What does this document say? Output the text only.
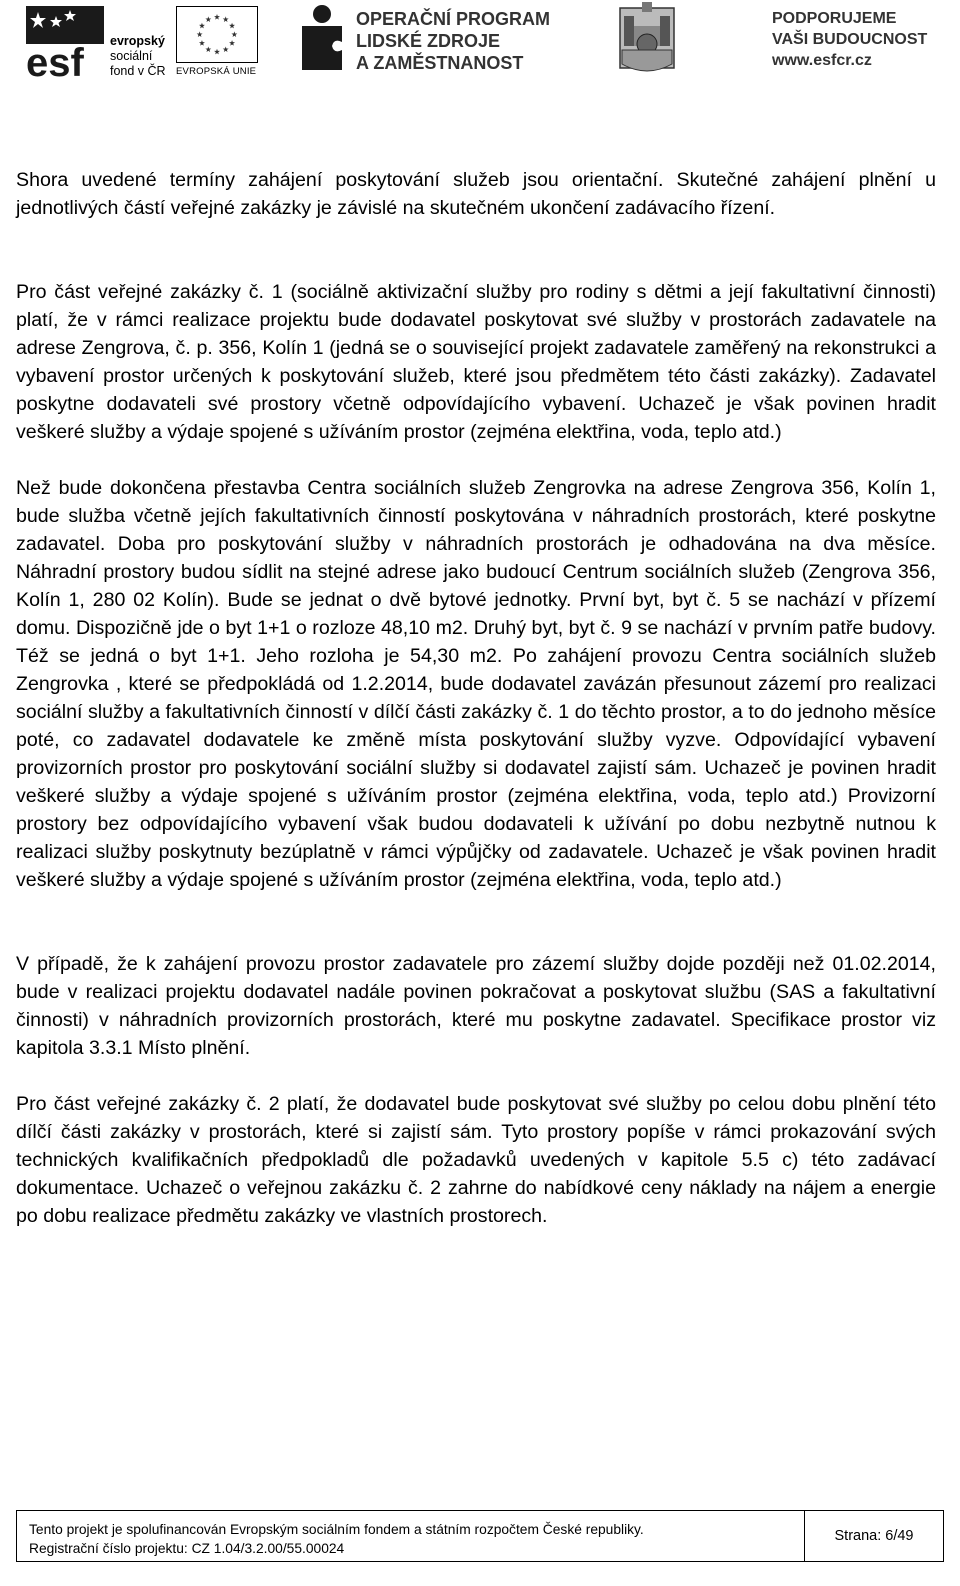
esf evropský
sociální
fond v ČR EVROPSKÁ UNIE
OPERAČNÍ PROGRAM
LIDSKÉ ZDROJE
A ZAMĚSTNANOST
PODPORUJEME
VAŠI BUDOUCNOST
www.esfcr.cz

Shora uvedené termíny zahájení poskytování služeb jsou orientační. Skutečné zahájení plnění u jednotlivých částí veřejné zakázky je závislé na skutečném ukončení zadávacího řízení.

Pro část veřejné zakázky č. 1 (sociálně aktivizační služby pro rodiny s dětmi a její fakultativní činnosti) platí, že v rámci realizace projektu bude dodavatel poskytovat své služby v prostorách zadavatele na adrese Zengrova, č. p. 356, Kolín 1 (jedná se o související projekt zadavatele zaměřený na rekonstrukci a vybavení prostor určených k poskytování služeb, které jsou předmětem této části zakázky). Zadavatel poskytne dodavateli své prostory včetně odpovídajícího vybavení. Uchazeč je však povinen hradit veškeré služby a výdaje spojené s užíváním prostor (zejména elektřina, voda, teplo atd.)

Než bude dokončena přestavba Centra sociálních služeb Zengrovka na adrese Zengrova 356, Kolín 1, bude služba včetně jejích fakultativních činností poskytována v náhradních prostorách, které poskytne zadavatel. Doba pro poskytování služby v náhradních prostorách je odhadována na dva měsíce. Náhradní prostory budou sídlit na stejné adrese jako budoucí Centrum sociálních služeb (Zengrova 356, Kolín 1, 280 02 Kolín). Bude se jednat o dvě bytové jednotky. První byt, byt č. 5 se nachází v přízemí domu. Dispozičně jde o byt 1+1 o rozloze 48,10 m2. Druhý byt, byt č. 9 se nachází v prvním patře budovy. Též se jedná o byt 1+1. Jeho rozloha je 54,30 m2. Po zahájení provozu Centra sociálních služeb Zengrovka , které se předpokládá od 1.2.2014, bude dodavatel zavázán přesunout zázemí pro realizaci sociální služby a fakultativních činností v dílčí části zakázky č. 1 do těchto prostor, a to do jednoho měsíce poté, co zadavatel dodavatele ke změně místa poskytování služby vyzve. Odpovídající vybavení provizorních prostor pro poskytování sociální služby si dodavatel zajistí sám. Uchazeč je povinen hradit veškeré služby a výdaje spojené s užíváním prostor (zejména elektřina, voda, teplo atd.) Provizorní prostory bez odpovídajícího vybavení však budou dodavateli k užívání po dobu nezbytně nutnou k realizaci služby poskytnuty bezúplatně v rámci výpůjčky od zadavatele. Uchazeč je však povinen hradit veškeré služby a výdaje spojené s užíváním prostor (zejména elektřina, voda, teplo atd.)

V případě, že k zahájení provozu prostor zadavatele pro zázemí služby dojde později než 01.02.2014, bude v realizaci projektu dodavatel nadále povinen pokračovat a poskytovat službu (SAS a fakultativní činnosti) v náhradních provizorních prostorách, které mu poskytne zadavatel. Specifikace prostor viz kapitola 3.3.1 Místo plnění.

Pro část veřejné zakázky č. 2 platí, že dodavatel bude poskytovat své služby po celou dobu plnění této dílčí části zakázky v prostorách, které si zajistí sám. Tyto prostory popíše v rámci prokazování svých technických kvalifikačních předpokladů dle požadavků uvedených v kapitole 5.5 c) této zadávací dokumentace. Uchazeč o veřejnou zakázku č. 2 zahrne do nabídkové ceny náklady na nájem a energie po dobu realizace předmětu zakázky ve vlastních prostorech.

Tento projekt je spolufinancován Evropským sociálním fondem a státním rozpočtem České republiky.
Registrační číslo projektu: CZ 1.04/3.2.00/55.00024
Strana: 6/49
